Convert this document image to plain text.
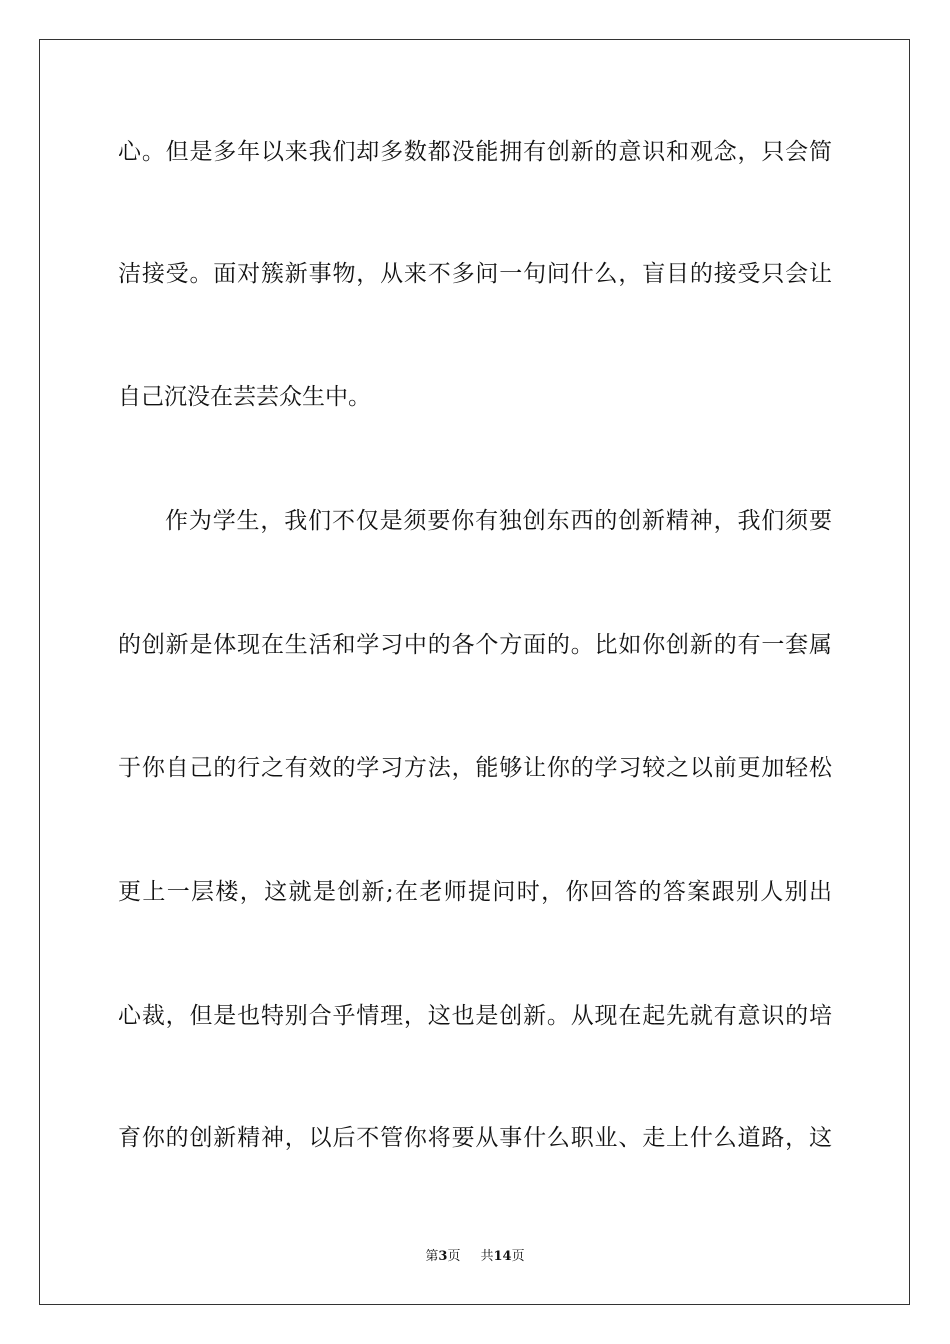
心。但是多年以来我们却多数都没能拥有创新的意识和观念，只会简
洁接受。面对簇新事物，从来不多问一句问什么，盲目的接受只会让
自己沉没在芸芸众生中。
作为学生，我们不仅是须要你有独创东西的创新精神，我们须要
的创新是体现在生活和学习中的各个方面的。比如你创新的有一套属
于你自己的行之有效的学习方法，能够让你的学习较之以前更加轻松
更上一层楼，这就是创新;在老师提问时，你回答的答案跟别人别出
心裁，但是也特别合乎情理，这也是创新。从现在起先就有意识的培
育你的创新精神，以后不管你将要从事什么职业、走上什么道路，这
第3页 共14页
